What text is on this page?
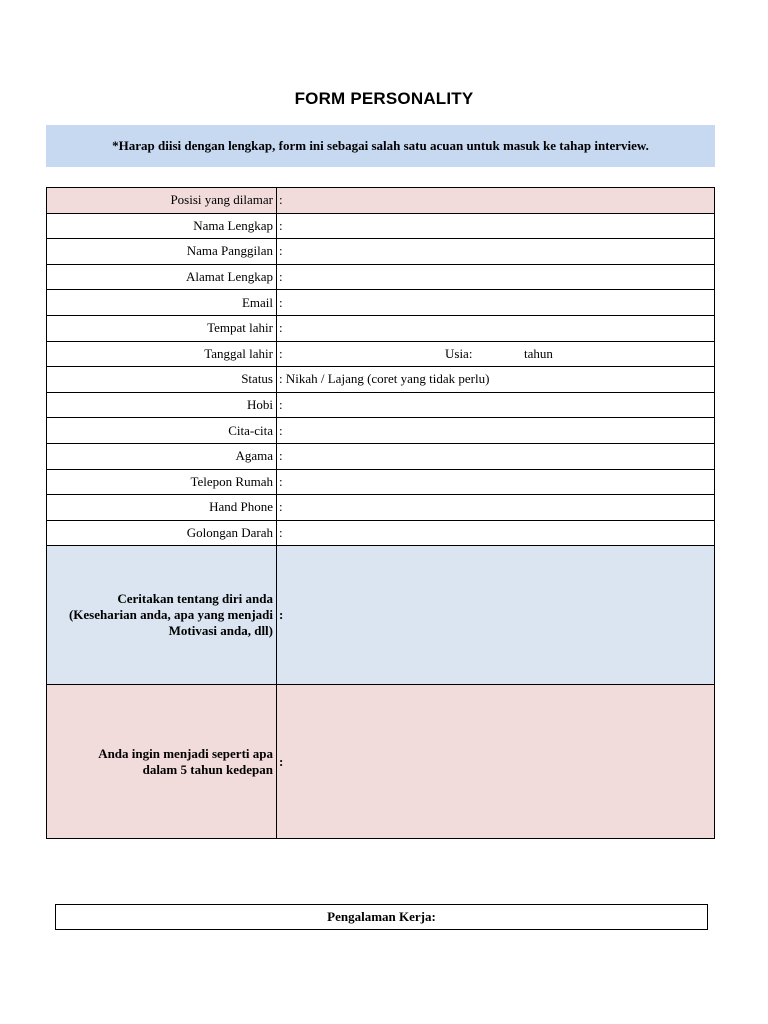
FORM PERSONALITY
*Harap diisi dengan lengkap, form ini sebagai salah satu acuan untuk masuk ke tahap interview.
Posisi yang dilamar :
Nama Lengkap :
Nama Panggilan :
Alamat Lengkap :
Email :
Tempat lahir :
Tanggal lahir :	Usia:	tahun
Status : Nikah / Lajang (coret yang tidak perlu)
Hobi :
Cita-cita :
Agama :
Telepon Rumah :
Hand Phone :
Golongan Darah :
Ceritakan tentang diri anda
(Keseharian anda, apa yang menjadi
Motivasi anda, dll)
:
Anda ingin menjadi seperti apa
dalam 5 tahun kedepan
:
Pengalaman Kerja:
